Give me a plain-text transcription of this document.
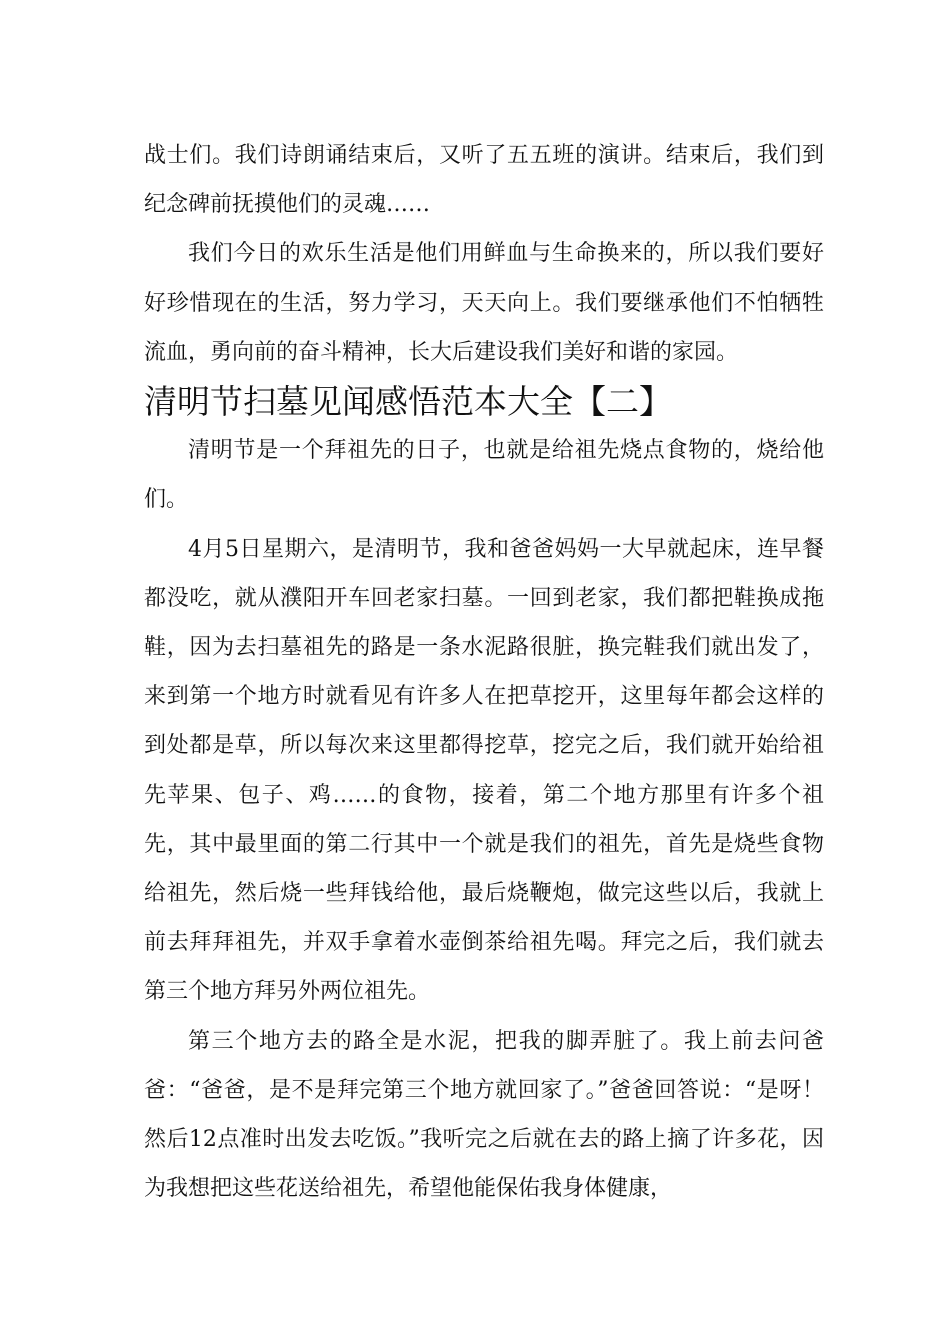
战士们。我们诗朗诵结束后，又听了五五班的演讲。结束后，我们到纪念碑前抚摸他们的灵魂……

我们今日的欢乐生活是他们用鲜血与生命换来的，所以我们要好好珍惜现在的生活，努力学习，天天向上。我们要继承他们不怕牺牲流血，勇向前的奋斗精神，长大后建设我们美好和谐的家园。

清明节扫墓见闻感悟范本大全【二】

清明节是一个拜祖先的日子，也就是给祖先烧点食物的，烧给他们。

4月5日星期六，是清明节，我和爸爸妈妈一大早就起床，连早餐都没吃，就从濮阳开车回老家扫墓。一回到老家，我们都把鞋换成拖鞋，因为去扫墓祖先的路是一条水泥路很脏，换完鞋我们就出发了，来到第一个地方时就看见有许多人在把草挖开，这里每年都会这样的到处都是草，所以每次来这里都得挖草，挖完之后，我们就开始给祖先苹果、包子、鸡……的食物，接着，第二个地方那里有许多个祖先，其中最里面的第二行其中一个就是我们的祖先，首先是烧些食物给祖先，然后烧一些拜钱给他，最后烧鞭炮，做完这些以后，我就上前去拜拜祖先，并双手拿着水壶倒茶给祖先喝。拜完之后，我们就去第三个地方拜另外两位祖先。

第三个地方去的路全是水泥，把我的脚弄脏了。我上前去问爸爸：“爸爸，是不是拜完第三个地方就回家了。”爸爸回答说：“是呀！然后12点准时出发去吃饭。”我听完之后就在去的路上摘了许多花，因为我想把这些花送给祖先，希望他能保佑我身体健康，
